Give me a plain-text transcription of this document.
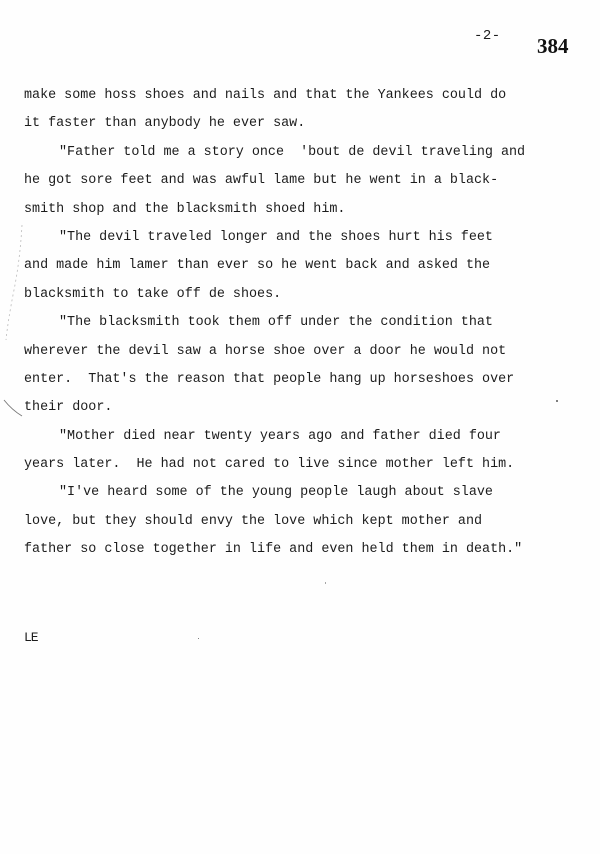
-2- 384
make some hoss shoes and nails and that the Yankees could do
it faster than anybody he ever saw.
"Father told me a story once  'bout de devil traveling and
he got sore feet and was awful lame but he went in a black-
smith shop and the blacksmith shoed him.
"The devil traveled longer and the shoes hurt his feet
and made him lamer than ever so he went back and asked the
blacksmith to take off de shoes.
"The blacksmith took them off under the condition that
wherever the devil saw a horse shoe over a door he would not
enter.  That's the reason that people hang up horseshoes over
their door.
"Mother died near twenty years ago and father died four
years later.  He had not cared to live since mother left him.
"I've heard some of the young people laugh about slave
love, but they should envy the love which kept mother and
father so close together in life and even held them in death."
LE
